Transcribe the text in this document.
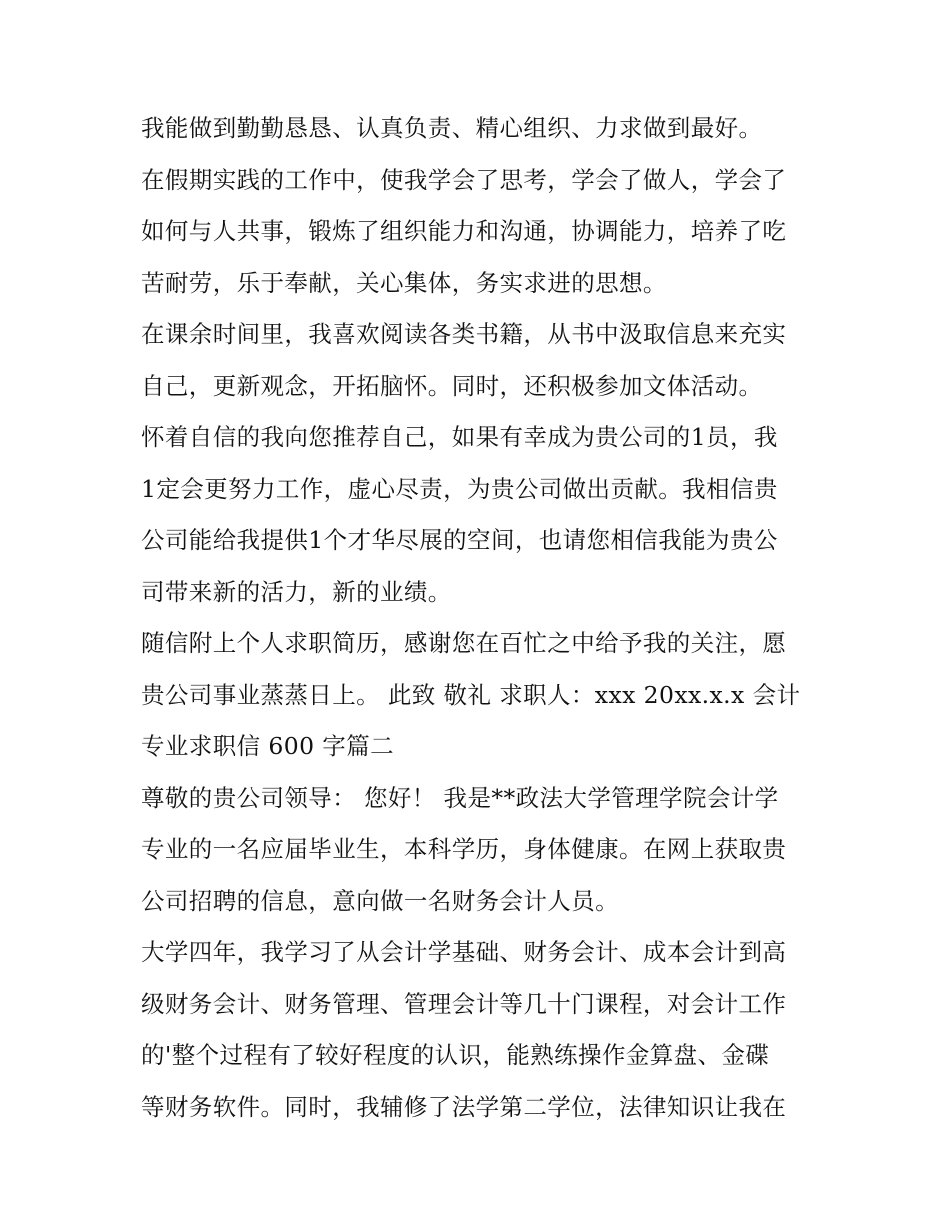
我能做到勤勤恳恳、认真负责、精心组织、力求做到最好。
在假期实践的工作中，使我学会了思考，学会了做人，学会了
如何与人共事，锻炼了组织能力和沟通，协调能力，培养了吃
苦耐劳，乐于奉献，关心集体，务实求进的思想。
在课余时间里，我喜欢阅读各类书籍，从书中汲取信息来充实
自己，更新观念，开拓脑怀。同时，还积极参加文体活动。
怀着自信的我向您推荐自己，如果有幸成为贵公司的1员，我
1定会更努力工作，虚心尽责，为贵公司做出贡献。我相信贵
公司能给我提供1个才华尽展的空间，也请您相信我能为贵公
司带来新的活力，新的业绩。
随信附上个人求职简历，感谢您在百忙之中给予我的关注，愿
贵公司事业蒸蒸日上。 此致 敬礼 求职人：xxx 20xx.x.x 会计
专业求职信 600 字篇二
尊敬的贵公司领导： 您好！ 我是**政法大学管理学院会计学
专业的一名应届毕业生，本科学历，身体健康。在网上获取贵
公司招聘的信息，意向做一名财务会计人员。
大学四年，我学习了从会计学基础、财务会计、成本会计到高
级财务会计、财务管理、管理会计等几十门课程，对会计工作
的'整个过程有了较好程度的认识，能熟练操作金算盘、金碟
等财务软件。同时，我辅修了法学第二学位，法律知识让我在
